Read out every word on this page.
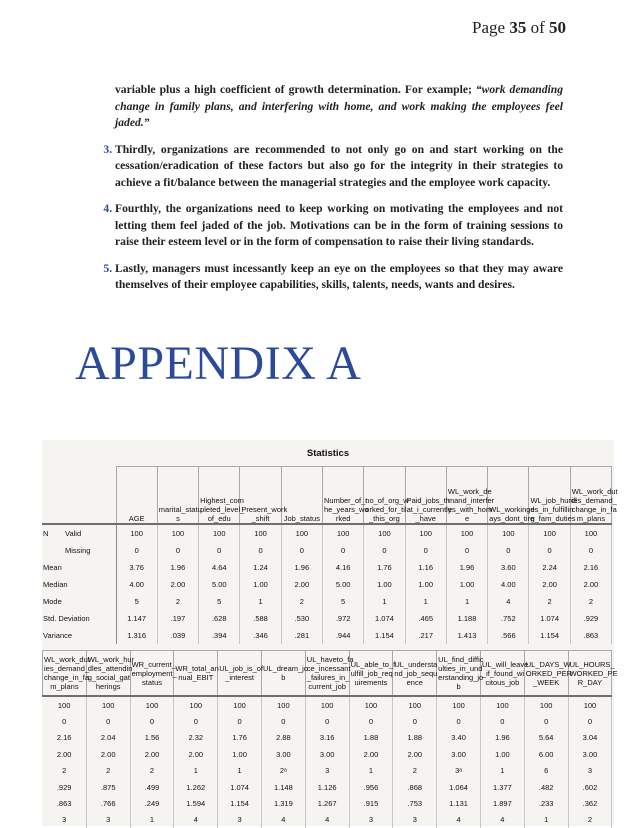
Page 35 of 50
variable plus a high coefficient of growth determination. For example; “work demanding change in family plans, and interfering with home, and work making the employees feel jaded.”
3. Thirdly, organizations are recommended to not only go on and start working on the cessation/eradication of these factors but also go for the integrity in their strategies to achieve a fit/balance between the managerial strategies and the employee work capacity.
4. Fourthly, the organizations need to keep working on motivating the employees and not letting them feel jaded of the job. Motivations can be in the form of training sessions to raise their esteem level or in the form of compensation to raise their living standards.
5. Lastly, managers must incessantly keep an eye on the employees so that they may aware themselves of their employee capabilities, skills, talents, needs, wants and desires.
APPENDIX A
Statistics
		AGE	marital_statu s	Highest_com pleted_level_ of_edu	Present_work _shift	Job_status	Number_of_t he_years_wo rked	no_of_org_w orked_for_til _this_org	Paid_jobs_th at_i_currently _have	WL_work_de mand_interfer es_with_hom e	WL_workingd ays_dont_tire	WL_job_hurdl es_in_fulfillin g_fam_duties	WL_work_dut ies_demand_ change_in_fa m_plans
N	Valid	100	100	100	100	100	100	100	100	100	100	100	100
	Missing	0	0	0	0	0	0	0	0	0	0	0	0
Mean		3.76	1.96	4.64	1.24	1.96	4.16	1.76	1.16	1.96	3.60	2.24	2.16
Median		4.00	2.00	5.00	1.00	2.00	5.00	1.00	1.00	1.00	4.00	2.00	2.00
Mode		5	2	5	1	2	5	1	1	1	4	2	2
Std. Deviation		1.147	.197	.628	.588	.530	.972	1.074	.465	1.188	.752	1.074	.929
Variance		1.316	.039	.394	.346	.281	.944	1.154	.217	1.413	.566	1.154	.863
WL_work_dut ies_demand_ change_in_fa m_plans	WL_work_hur dles_attendin g_social_gat herings	WR_current_ employment_ status	WR_total_an nual_EBIT	UL_job_is_of _interest	UL_dream_jo b	UL_haveto_fa ce_incessant _failures_in_ current_job	UL_able_to_f ulfill_job_req uirements	UL_understa nd_job_sequ ence	UL_find_diffic ulties_in_und erstanding_jo b	UL_will_leave _if_found_wi citous_job	UL_DAYS_W ORKED_PER _WEEK	UL_HOURS_ WORKED_PE R_DAY
100	100	100	100	100	100	100	100	100	100	100	100	100
0	0	0	0	0	0	0	0	0	0	0	0	0
2.16	2.04	1.56	2.32	1.76	2.88	3.16	1.88	1.88	3.40	1.96	5.64	3.04
2.00	2.00	2.00	2.00	1.00	3.00	3.00	2.00	2.00	3.00	1.00	6.00	3.00
2	2	2	1	1	2ᵃ	3	1	2	3ᵃ	1	6	3
.929	.875	.499	1.262	1.074	1.148	1.126	.956	.868	1.064	1.377	.482	.602
.863	.766	.249	1.594	1.154	1.319	1.267	.915	.753	1.131	1.897	.233	.362
3	3	1	4	3	4	4	3	3	4	4	1	2
